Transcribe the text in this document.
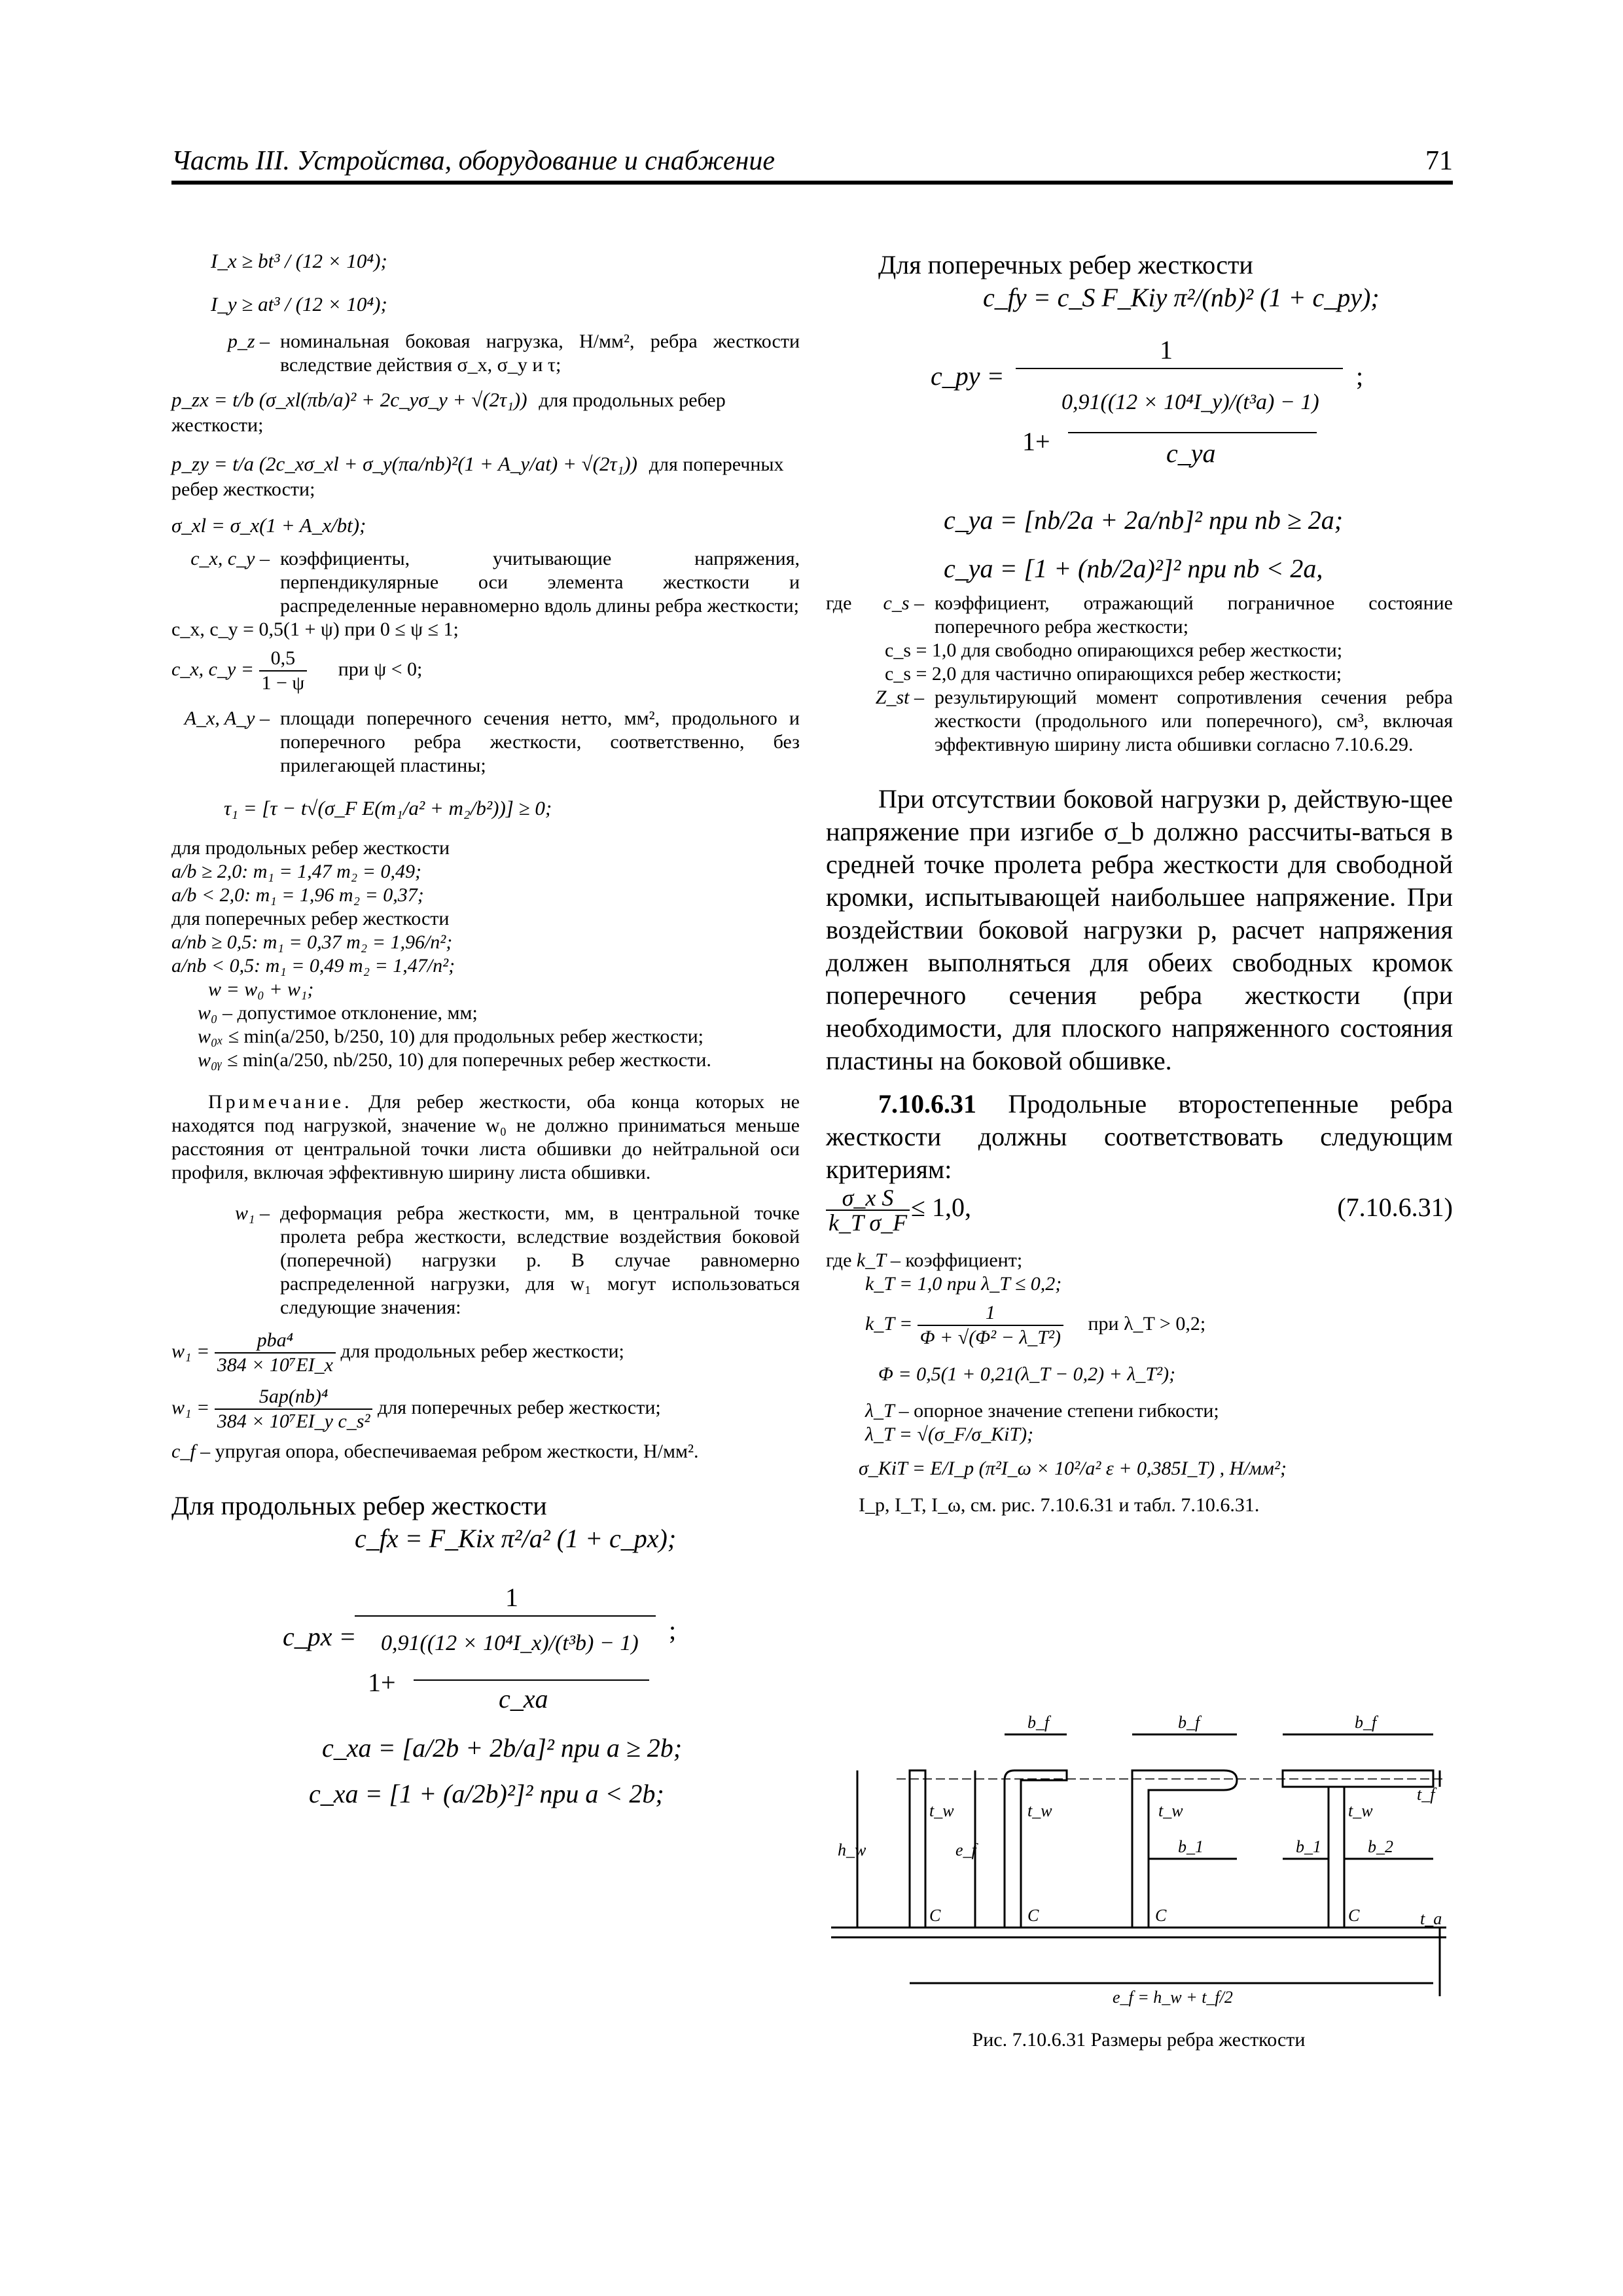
Часть III. Устройства, оборудование и снабжение	71
I_x ≥ bt³ / (12 × 10⁴);
I_y ≥ at³ / (12 × 10⁴);
p_z – номинальная боковая нагрузка, Н/мм², ребра жесткости вследствие действия σ_x, σ_y и τ;
p_zx = t/b (σ_xl(πb/a)² + 2c_yσ_y + √(2τ₁)) для продольных ребер жесткости;
p_zy = t/a (2c_xσ_xl + σ_y(πa/nb)²(1 + A_y/at) + √(2τ₁)) для поперечных ребер жесткости;
σ_xl = σ_x(1 + A_x/bt);
c_x, c_y – коэффициенты, учитывающие напряжения, перпендикулярные оси элемента жесткости и распределенные неравномерно вдоль длины ребра жесткости;
c_x, c_y = 0,5(1 + ψ) при 0 ≤ ψ ≤ 1;
c_x, c_y = $\frac{0,5}{1 - \psi}$ при ψ < 0;
A_x, A_y – площади поперечного сечения нетто, мм², продольного и поперечного ребра жесткости, соответственно, без прилегающей пластины;
τ₁ = [τ − t√(σ_F E(m₁/a² + m₂/b²))] ≥ 0;
для продольных ребер жесткости
a/b ≥ 2,0: m₁ = 1,47 m₂ = 0,49;
a/b < 2,0: m₁ = 1,96 m₂ = 0,37;
для поперечных ребер жесткости
a/nb ≥ 0,5: m₁ = 0,37 m₂ = 1,96/n²;
a/nb < 0,5: m₁ = 0,49 m₂ = 1,47/n²;
w = w₀ + w₁;
w₀ – допустимое отклонение, мм;
w₀ₓ ≤ min(a/250, b/250, 10) для продольных ребер жесткости;
w₀ᵧ ≤ min(a/250, nb/250, 10) для поперечных ребер жесткости.
Примечание. Для ребер жесткости, оба конца которых не находятся под нагрузкой, значение w₀ не должно приниматься меньше расстояния от центральной точки листа обшивки до нейтральной оси профиля, включая эффективную ширину листа обшивки.
w₁ – деформация ребра жесткости, мм, в центральной точке пролета ребра жесткости, вследствие воздействия боковой (поперечной) нагрузки p. В случае равномерно распределенной нагрузки, для w₁ могут использоваться следующие значения:
$w_1 = \frac{\text{pba⁴}}{\text{384 × 10⁷EI\_x}}$ для продольных ребер жесткости;
$w_1 = \frac{\text{5ap(nb)⁴}}{\text{384 × 10⁷EI\_y c\_s²}}$ для поперечных ребер жесткости;
c_f – упругая опора, обеспечиваемая ребром жесткости, Н/мм².
Для продольных ребер жесткости
c_fx = F_Kix π²/a² (1 + c_px);
c_px =
1
;
0,91((12 × 10⁴I_x)/(t³b) − 1)
1+
c_xa
c_xa = [a/2b + 2b/a]² при a ≥ 2b;
c_xa = [1 + (a/2b)²]² при a < 2b;
Для поперечных ребер жесткости
c_fy = c_S F_Kiy π²/(nb)² (1 + c_py);
c_py =
1
;
0,91((12 × 10⁴I_y)/(t³a) − 1)
1+	c_ya
c_ya = [nb/2a + 2a/nb]² при nb ≥ 2a;
c_ya = [1 + (nb/2a)²]² при nb < 2a,
где	c_s – коэффициент, отражающий пограничное состояние поперечного ребра жесткости;
c_s = 1,0 для свободно опирающихся ребер жесткости;
c_s = 2,0 для частично опирающихся ребер жесткости;
Z_st – результирующий момент сопротивления сечения ребра жесткости (продольного или поперечного), см³, включая эффективную ширину листа обшивки согласно 7.10.6.29.
При отсутствии боковой нагрузки p, действую-щее напряжение при изгибе σ_b должно рассчиты-ваться в средней точке пролета ребра жесткости для свободной кромки, испытывающей наибольшее напряжение. При воздействии боковой нагрузки p, расчет напряжения должен выполняться для обеих свободных кромок поперечного сечения ребра жесткости (при необходимости, для плоского напряженного состояния пластины на боковой обшивке.
7.10.6.31 Продольные второстепенные ребра жесткости должны соответствовать следующим критериям:
$\frac{\text{σ\_x S}}{\text{k\_T σ\_F}} \le 1,0$,	(7.10.6.31)
где k_T – коэффициент;
k_T = 1,0 при λ_T ≤ 0,2;
k_T = $\frac{1}{\text{Φ + √(Φ² − λ\_T²)}}$ при λ_T > 0,2;
Φ = 0,5(1 + 0,21(λ_T − 0,2) + λ_T²);
λ_T – опорное значение степени гибкости;
λ_T = √(σ_F/σ_KiT);
σ_KiT = E/I_p (π²I_ω × 10²/a² ε + 0,385I_T) , Н/мм²;
I_p, I_T, I_ω, см. рис. 7.10.6.31 и табл. 7.10.6.31.
b_f	b_f	b_f
t_w	t_w	t_w	t_w
t_f
h_w	e_f	b_1	b_1	b_2
C	C	C	C	t_a
e_f = h_w + t_f/2
Рис. 7.10.6.31 Размеры ребра жесткости
